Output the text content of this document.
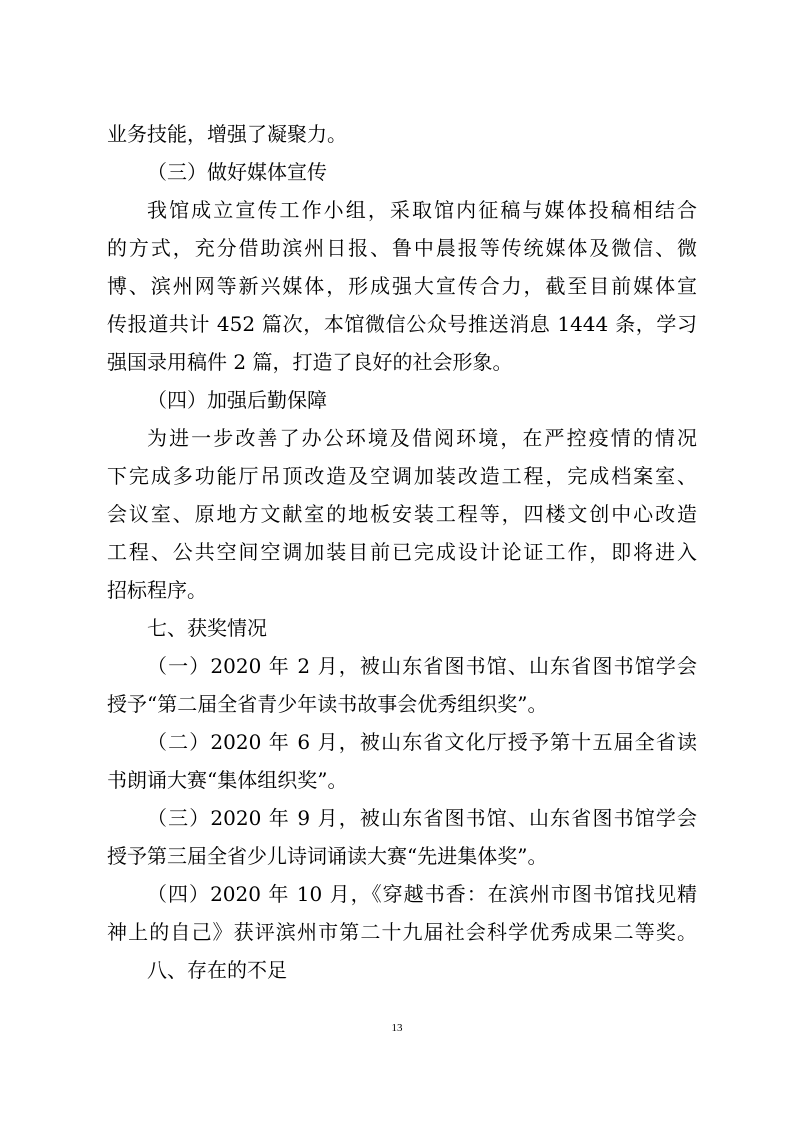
业务技能，增强了凝聚力。
（三）做好媒体宣传
我馆成立宣传工作小组，采取馆内征稿与媒体投稿相结合
的方式，充分借助滨州日报、鲁中晨报等传统媒体及微信、微
博、滨州网等新兴媒体，形成强大宣传合力，截至目前媒体宣
传报道共计 452 篇次，本馆微信公众号推送消息 1444 条，学习
强国录用稿件 2 篇，打造了良好的社会形象。
（四）加强后勤保障
为进一步改善了办公环境及借阅环境，在严控疫情的情况
下完成多功能厅吊顶改造及空调加装改造工程，完成档案室、
会议室、原地方文献室的地板安装工程等，四楼文创中心改造
工程、公共空间空调加装目前已完成设计论证工作，即将进入
招标程序。
七、获奖情况
（一）2020 年 2 月，被山东省图书馆、山东省图书馆学会
授予“第二届全省青少年读书故事会优秀组织奖”。
（二）2020 年 6 月，被山东省文化厅授予第十五届全省读
书朗诵大赛“集体组织奖”。
（三）2020 年 9 月，被山东省图书馆、山东省图书馆学会
授予第三届全省少儿诗词诵读大赛“先进集体奖”。
（四）2020 年 10 月，《穿越书香：在滨州市图书馆找见精
神上的自己》获评滨州市第二十九届社会科学优秀成果二等奖。
八、存在的不足
13
